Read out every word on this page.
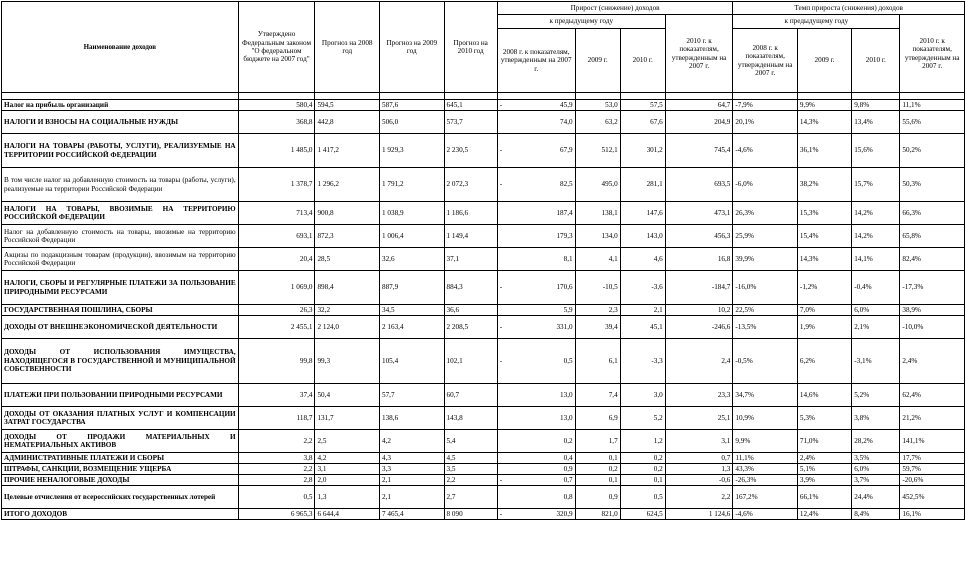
Наименование доходов	Утверждено Федеральным законом "О федеральном бюджете на 2007 год"	Прогноз на 2008 год	Прогноз на 2009 год	Прогноз на 2010 год	Прирост (снижение) доходов				Темп прироста (снижения) доходов			
					к предыдущему году			2010 г. к показателям, утвержденным на 2007 г.	к предыдущему году			2010 г. к показателям, утвержденным на 2007 г.
					2008 г. к показателям, утвержденным на 2007 г.	2009 г.	2010 г.		2008 г. к показателям, утвержденным на 2007 г.	2009 г.	2010 г.	

Налог на прибыль организаций	580,4	594,5	587,6	645,1	- 45,9	53,0	57,5	64,7	-7,9%	9,9%	9,8%	11,1%
НАЛОГИ И ВЗНОСЫ НА СОЦИАЛЬНЫЕ НУЖДЫ	368,8	442,8	506,0	573,7	74,0	63,2	67,6	204,9	20,1%	14,3%	13,4%	55,6%
НАЛОГИ НА ТОВАРЫ (РАБОТЫ, УСЛУГИ), РЕАЛИЗУЕМЫЕ НА ТЕРРИТОРИИ РОССИЙСКОЙ ФЕДЕРАЦИИ	1 485,0	1 417,2	1 929,3	2 230,5	- 67,9	512,1	301,2	745,4	-4,6%	36,1%	15,6%	50,2%
В том числе налог на добавленную стоимость на товары (работы, услуги), реализуемые на территории Российской Федерации	1 378,7	1 296,2	1 791,2	2 072,3	- 82,5	495,0	281,1	693,5	-6,0%	38,2%	15,7%	50,3%
НАЛОГИ НА ТОВАРЫ, ВВОЗИМЫЕ НА ТЕРРИТОРИЮ РОССИЙСКОЙ ФЕДЕРАЦИИ	713,4	900,8	1 038,9	1 186,6	187,4	138,1	147,6	473,1	26,3%	15,3%	14,2%	66,3%
Налог на добавленную стоимость на товары, ввозимые на территорию Российской Федерации	693,1	872,3	1 006,4	1 149,4	179,3	134,0	143,0	456,3	25,9%	15,4%	14,2%	65,8%
Акцизы по подакцизным товарам (продукции), ввозимым на территорию Российской Федерации	20,4	28,5	32,6	37,1	8,1	4,1	4,6	16,8	39,9%	14,3%	14,1%	82,4%
НАЛОГИ, СБОРЫ И РЕГУЛЯРНЫЕ ПЛАТЕЖИ ЗА ПОЛЬЗОВАНИЕ ПРИРОДНЫМИ РЕСУРСАМИ	1 069,0	898,4	887,9	884,3	- 170,6	-10,5	-3,6	-184,7	-16,0%	-1,2%	-0,4%	-17,3%
ГОСУДАРСТВЕННАЯ ПОШЛИНА, СБОРЫ	26,3	32,2	34,5	36,6	5,9	2,3	2,1	10,2	22,5%	7,0%	6,0%	38,9%
ДОХОДЫ ОТ ВНЕШНЕЭКОНОМИЧЕСКОЙ ДЕЯТЕЛЬНОСТИ	2 455,1	2 124,0	2 163,4	2 208,5	- 331,0	39,4	45,1	-246,6	-13,5%	1,9%	2,1%	-10,0%
ДОХОДЫ ОТ ИСПОЛЬЗОВАНИЯ ИМУЩЕСТВА, НАХОДЯЩЕГОСЯ В ГОСУДАРСТВЕННОЙ И МУНИЦИПАЛЬНОЙ СОБСТВЕННОСТИ	99,8	99,3	105,4	102,1	- 0,5	6,1	-3,3	2,4	-0,5%	6,2%	-3,1%	2,4%
ПЛАТЕЖИ ПРИ ПОЛЬЗОВАНИИ ПРИРОДНЫМИ РЕСУРСАМИ	37,4	50,4	57,7	60,7	13,0	7,4	3,0	23,3	34,7%	14,6%	5,2%	62,4%
ДОХОДЫ ОТ ОКАЗАНИЯ ПЛАТНЫХ УСЛУГ И КОМПЕНСАЦИИ ЗАТРАТ ГОСУДАРСТВА	118,7	131,7	138,6	143,8	13,0	6,9	5,2	25,1	10,9%	5,3%	3,8%	21,2%
ДОХОДЫ ОТ ПРОДАЖИ МАТЕРИАЛЬНЫХ И НЕМАТЕРИАЛЬНЫХ АКТИВОВ	2,2	2,5	4,2	5,4	0,2	1,7	1,2	3,1	9,9%	71,0%	28,2%	141,1%
АДМИНИСТРАТИВНЫЕ ПЛАТЕЖИ И СБОРЫ	3,8	4,2	4,3	4,5	0,4	0,1	0,2	0,7	11,1%	2,4%	3,5%	17,7%
ШТРАФЫ, САНКЦИИ, ВОЗМЕЩЕНИЕ УЩЕРБА	2,2	3,1	3,3	3,5	0,9	0,2	0,2	1,3	43,3%	5,1%	6,0%	59,7%
ПРОЧИЕ НЕНАЛОГОВЫЕ ДОХОДЫ	2,8	2,0	2,1	2,2	- 0,7	0,1	0,1	-0,6	-26,3%	3,9%	3,7%	-20,6%
Целевые отчисления от всероссийских государственных лотерей	0,5	1,3	2,1	2,7	0,8	0,9	0,5	2,2	167,2%	66,1%	24,4%	452,5%
ИТОГО ДОХОДОВ	6 965,3	6 644,4	7 465,4	8 090	- 320,9	821,0	624,5	1 124,6	-4,6%	12,4%	8,4%	16,1%
